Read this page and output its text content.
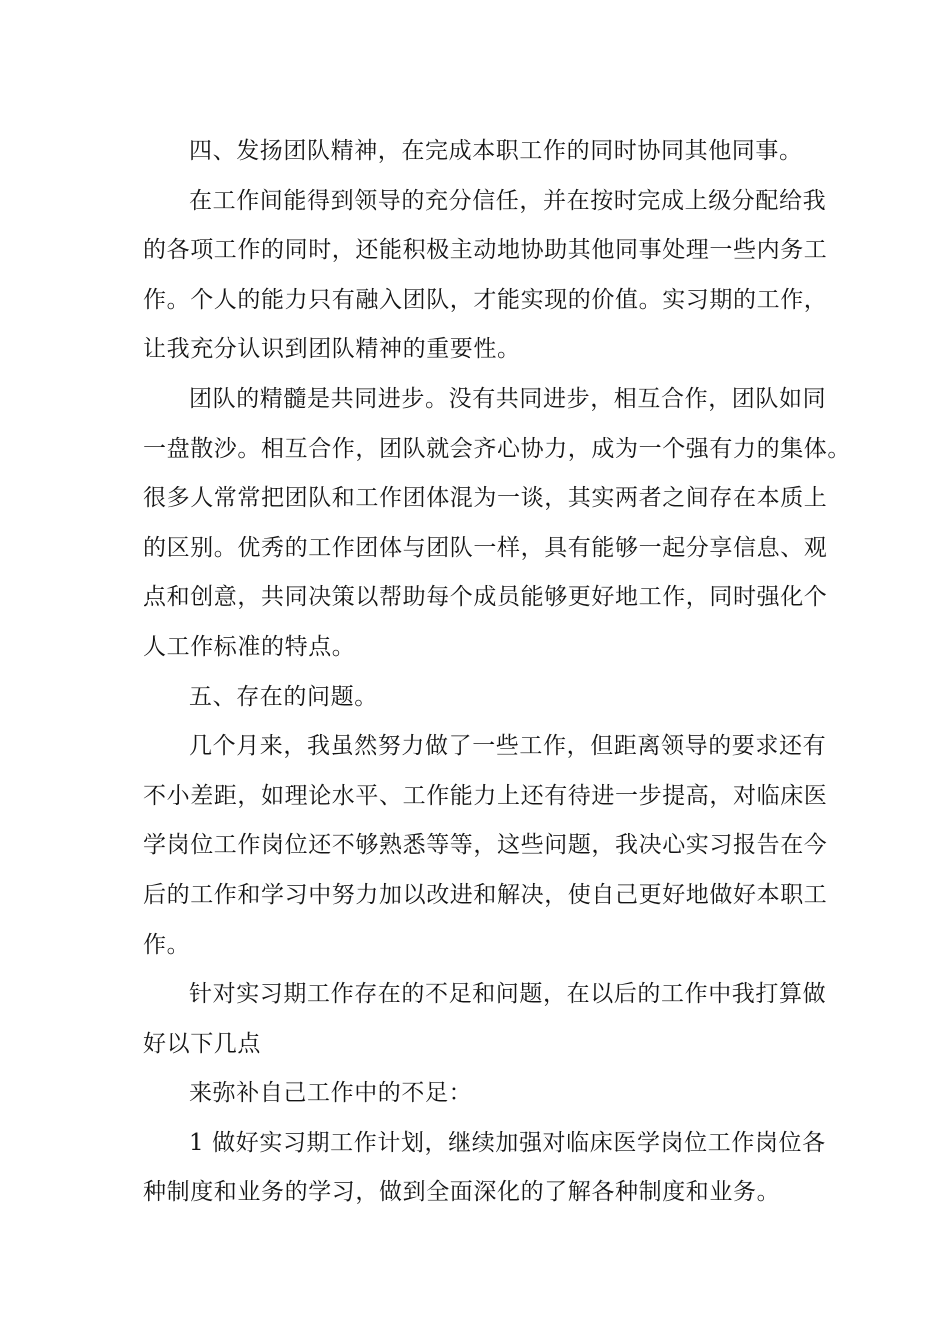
四、发扬团队精神，在完成本职工作的同时协同其他同事。
在工作间能得到领导的充分信任，并在按时完成上级分配给我
的各项工作的同时，还能积极主动地协助其他同事处理一些内务工
作。个人的能力只有融入团队，才能实现的价值。实习期的工作，
让我充分认识到团队精神的重要性。
团队的精髓是共同进步。没有共同进步，相互合作，团队如同
一盘散沙。相互合作，团队就会齐心协力，成为一个强有力的集体。
很多人常常把团队和工作团体混为一谈，其实两者之间存在本质上
的区别。优秀的工作团体与团队一样，具有能够一起分享信息、观
点和创意，共同决策以帮助每个成员能够更好地工作，同时强化个
人工作标准的特点。
五、存在的问题。
几个月来，我虽然努力做了一些工作，但距离领导的要求还有
不小差距，如理论水平、工作能力上还有待进一步提高，对临床医
学岗位工作岗位还不够熟悉等等，这些问题，我决心实习报告在今
后的工作和学习中努力加以改进和解决，使自己更好地做好本职工
作。
针对实习期工作存在的不足和问题，在以后的工作中我打算做
好以下几点
来弥补自己工作中的不足：
1 做好实习期工作计划，继续加强对临床医学岗位工作岗位各
种制度和业务的学习，做到全面深化的了解各种制度和业务。
